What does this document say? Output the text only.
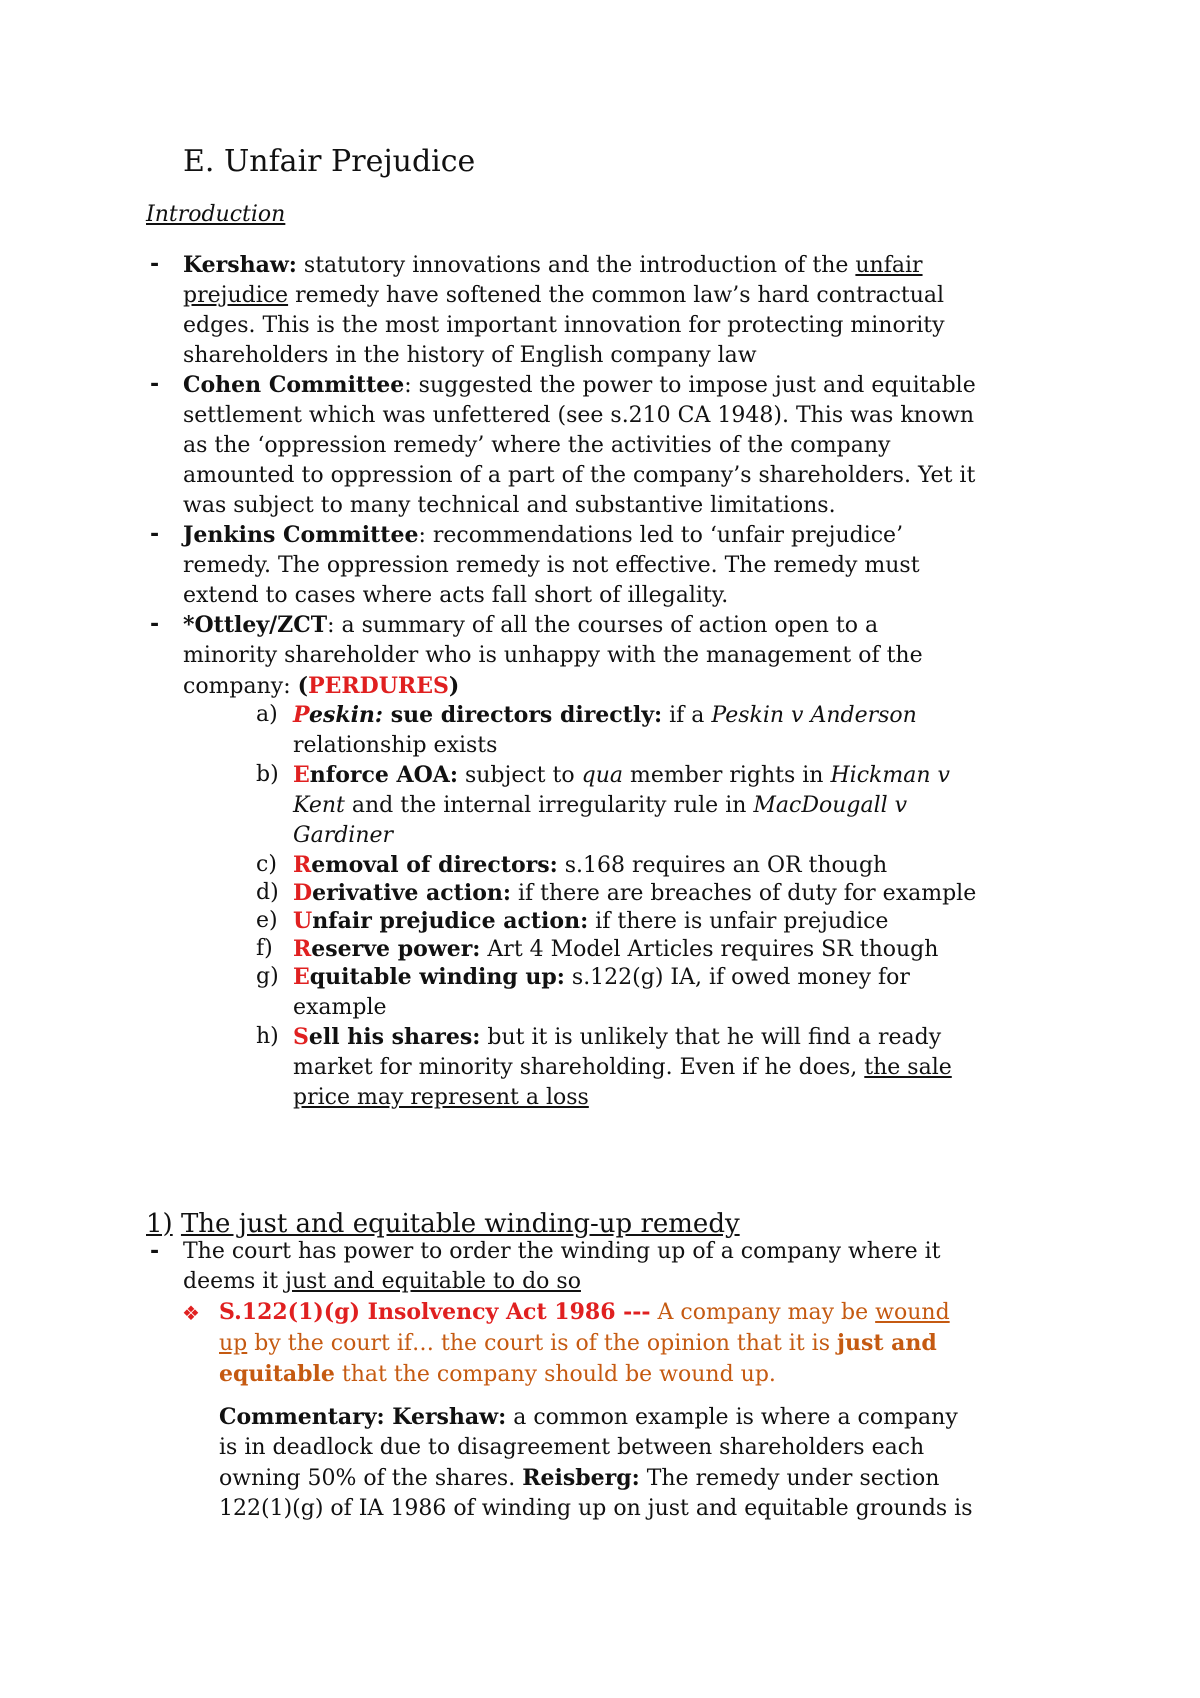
E. Unfair Prejudice
Introduction
- Kershaw: statutory innovations and the introduction of the unfair
prejudice remedy have softened the common law’s hard contractual
edges. This is the most important innovation for protecting minority
shareholders in the history of English company law
- Cohen Committee: suggested the power to impose just and equitable
settlement which was unfettered (see s.210 CA 1948). This was known
as the ‘oppression remedy’ where the activities of the company
amounted to oppression of a part of the company’s shareholders. Yet it
was subject to many technical and substantive limitations.
- Jenkins Committee: recommendations led to ‘unfair prejudice’
remedy. The oppression remedy is not effective. The remedy must
extend to cases where acts fall short of illegality.
- *Ottley/ZCT: a summary of all the courses of action open to a
minority shareholder who is unhappy with the management of the
company: (PERDURES)
a) Peskin: sue directors directly: if a Peskin v Anderson
relationship exists
b) Enforce AOA: subject to qua member rights in Hickman v
Kent and the internal irregularity rule in MacDougall v
Gardiner
c) Removal of directors: s.168 requires an OR though
d) Derivative action: if there are breaches of duty for example
e) Unfair prejudice action: if there is unfair prejudice
f) Reserve power: Art 4 Model Articles requires SR though
g) Equitable winding up: s.122(g) IA, if owed money for
example
h) Sell his shares: but it is unlikely that he will find a ready
market for minority shareholding. Even if he does, the sale
price may represent a loss
1) The just and equitable winding-up remedy
- The court has power to order the winding up of a company where it
deems it just and equitable to do so
❖ S.122(1)(g) Insolvency Act 1986 --- A company may be wound
up by the court if… the court is of the opinion that it is just and
equitable that the company should be wound up.
Commentary: Kershaw: a common example is where a company
is in deadlock due to disagreement between shareholders each
owning 50% of the shares. Reisberg: The remedy under section
122(1)(g) of IA 1986 of winding up on just and equitable grounds is
